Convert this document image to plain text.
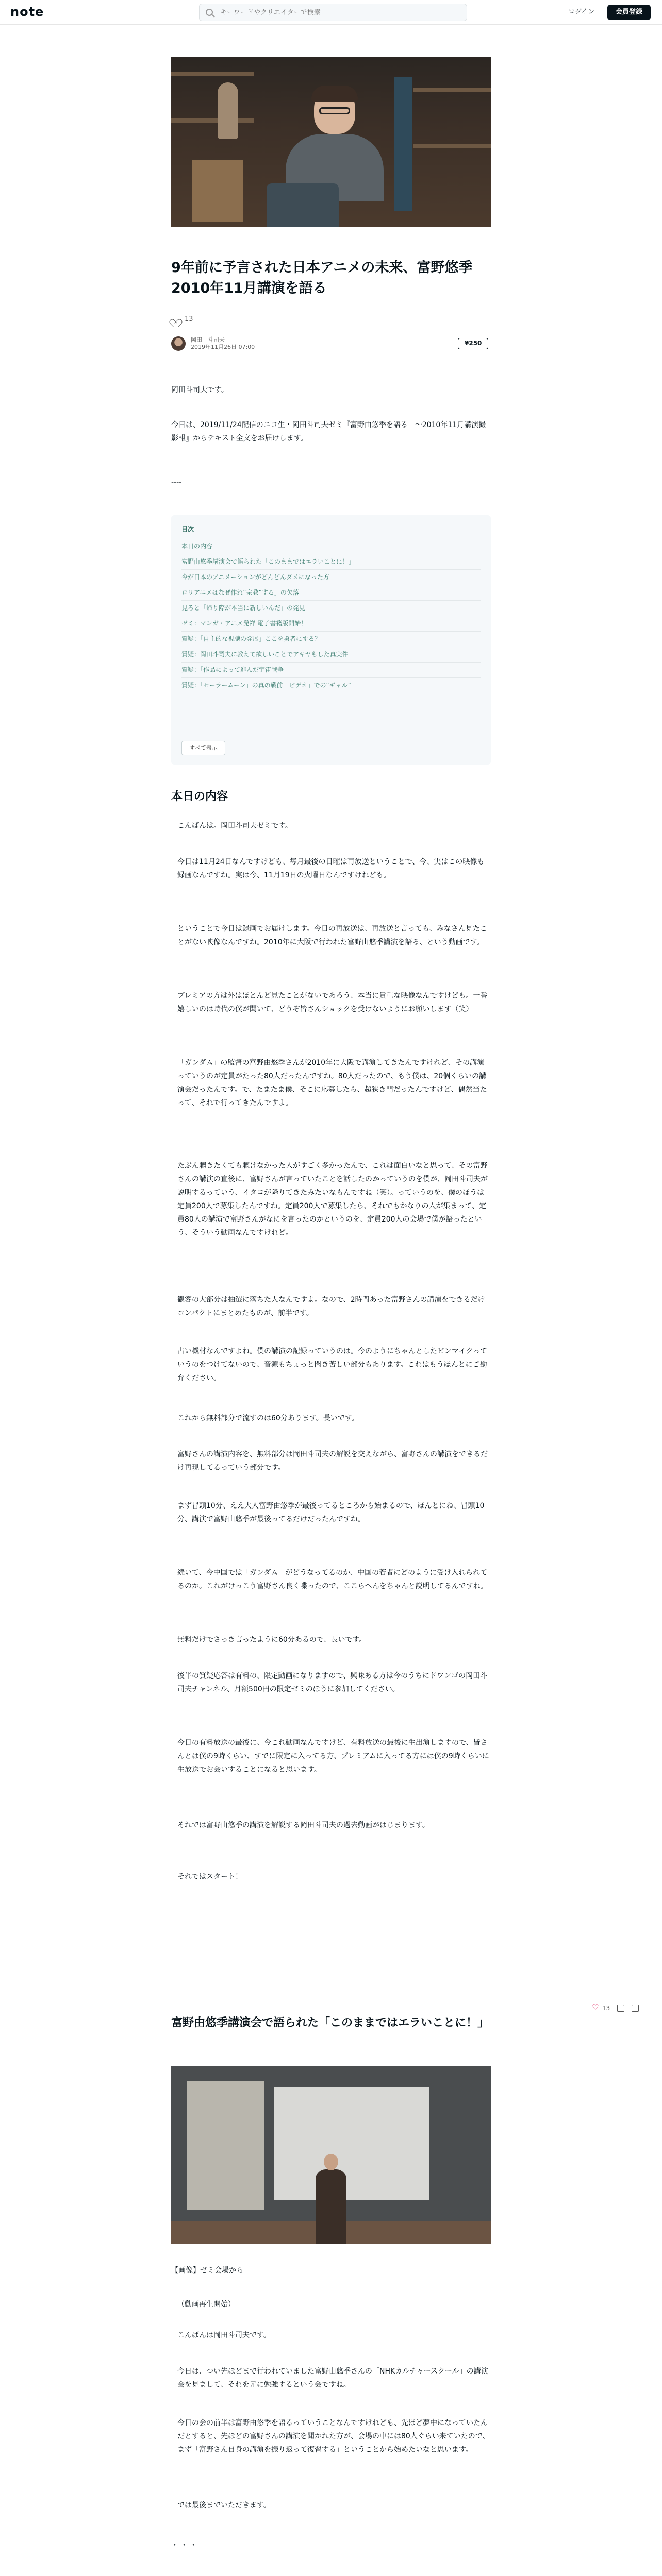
note
キーワードやクリエイターで検索	ログイン	会員登録
9年前に予言された日本アニメの未来、富野悠季2010年11月講演を語る
13
岡田　斗司夫
2019年11月26日 07:00
¥250
岡田斗司夫です。
今日は、2019/11/24配信のニコ生・岡田斗司夫ゼミ『富野由悠季を語る　〜2010年11月講演撮影報』からテキスト全文をお届けします。
----
目次
本日の内容
富野由悠季講演会で語られた「このままではエラいことに！」
今が日本のアニメーションがどんどんダメになった方
ロリアニメはなぜ作れ“宗教”する」の欠落
見ろと「帰り際が本当に新しいんだ」の発見
ゼミ：マンガ・アニメ発祥 電子書籍版開始！
質疑：「自主的な視聴の発展」ここを勇者にする？
質疑：岡田斗司夫に教えて欲しいことでアキヤもした真実件
質疑：「作品によって進んだ宇宙戦争
質疑：「セーラームーン」の真の戦前「ビデオ」での“ギャル”
すべて表示
本日の内容
こんばんは。岡田斗司夫ゼミです。
今日は11月24日なんですけども、毎月最後の日曜は再放送ということで、今、実はこの映像も録画なんですね。実は今、11月19日の火曜日なんですけれども。
ということで今日は録画でお届けします。今日の再放送は、再放送と言っても、みなさん見たことがない映像なんですね。2010年に大阪で行われた富野由悠季講演を語る、という動画です。
プレミアの方は外はほとんど見たことがないであろう、本当に貴重な映像なんですけども。一番嬉しいのは時代の僕が聞いて、どうぞ皆さんショックを受けないようにお願いします（笑）
「ガンダム」の監督の富野由悠季さんが2010年に大阪で講演してきたんですけれど、その講演っていうのが定員がたった80人だったんですね。80人だったので、もう僕は、20個くらいの講演会だったんです。で、たまたま僕、そこに応募したら、超狭き門だったんですけど、偶然当たって、それで行ってきたんですよ。
たぶん聴きたくても聴けなかった人がすごく多かったんで、これは面白いなと思って、その富野さんの講演の直後に、富野さんが言っていたことを話したのかっていうのを僕が、岡田斗司夫が説明するっていう、イタコが降りてきたみたいなもんですね（笑）。っていうのを、僕のほうは定員200人で募集したんですね。定員200人で募集したら、それでもかなりの人が集まって、定員80人の講演で富野さんがなにを言ったのかというのを、定員200人の会場で僕が語ったという、そういう動画なんですけれど。
観客の大部分は抽選に落ちた人なんですよ。なので、2時間あった富野さんの講演をできるだけコンパクトにまとめたものが、前半です。
古い機材なんですよね。僕の講演の記録っていうのは。今のようにちゃんとしたピンマイクっていうのをつけてないので、音源もちょっと聞き苦しい部分もあります。これはもうほんとにご勘弁ください。
これから無料部分で流すのは60分あります。長いです。
富野さんの講演内容を、無料部分は岡田斗司夫の解説を交えながら、富野さんの講演をできるだけ再現してるっていう部分です。
まず冒頭10分、ええ大人富野由悠季が最後ってるところから始まるので、ほんとにね、冒頭10分、講演で富野由悠季が最後ってるだけだったんですね。
続いて、今中国では「ガンダム」がどうなってるのか、中国の若者にどのように受け入れられてるのか。これがけっこう富野さん良く喋ったので、ここらへんをちゃんと説明してるんですね。
無料だけでさっき言ったように60分あるので、長いです。
後半の質疑応答は有料の、限定動画になりますので、興味ある方は今のうちにドワンゴの岡田斗司夫チャンネル、月額500円の限定ゼミのほうに参加してください。
今日の有料放送の最後に、今これ動画なんですけど、有料放送の最後に生出演しますので、皆さんとは僕の9時くらい、すでに限定に入ってる方、プレミアムに入ってる方には僕の9時くらいに生放送でお会いすることになると思います。
それでは富野由悠季の講演を解説する岡田斗司夫の過去動画がはじまります。
それではスタート！
♡
13
富野由悠季講演会で語られた「このままではエラいことに！」
【画像】ゼミ会場から
（動画再生開始）
こんばんは岡田斗司夫です。
今日は、つい先ほどまで行われていました富野由悠季さんの「NHKカルチャースクール」の講演会を見まして、それを元に勉強するという会ですね。
今日の会の前半は富野由悠季を語るっていうことなんですけれども、先ほど夢中になっていたんだとすると、先ほどの富野さんの講演を聞かれた方が、会場の中には80人ぐらい来ていたので、まず「富野さん自身の講演を振り返って復習する」ということから始めたいなと思います。
では最後までいただきます。
・・・
